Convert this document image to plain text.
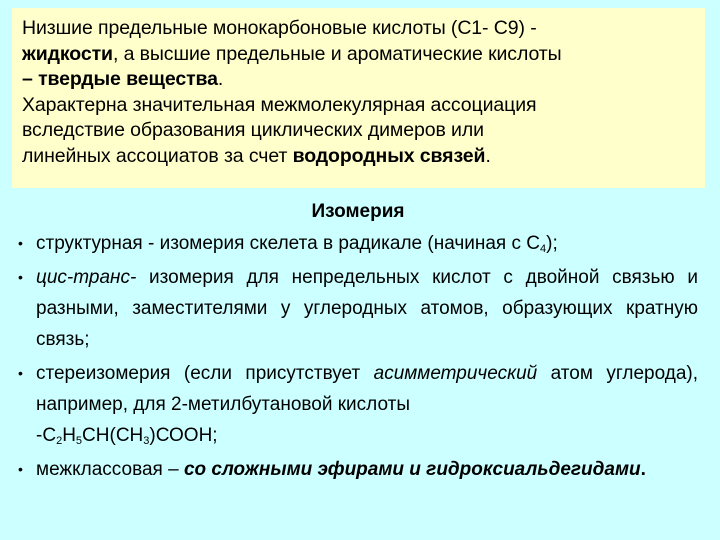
Низшие предельные монокарбоновые кислоты (С1- С9) -

жидкости, а высшие предельные и ароматические кислоты

– твердые вещества.

Характерна значительная межмолекулярная ассоциация

вследствие образования циклических димеров или

линейных ассоциатов за счет водородных связей.

Изомерия
• структурная - изомерия скелета в радикале (начиная с $С_4$);
• цис-транс- изомерия для непредельных кислот с двойной связью и разными, заместителями у углеродных атомов, образующих кратную связь;
• стереизомерия (если присутствует асимметрический атом углерода), например, для 2-метилбутановой кислоты
$-С_2Н_5СН(СН_3)СООН$;
• межклассовая – со сложными эфирами и гидроксиальдегидами.
